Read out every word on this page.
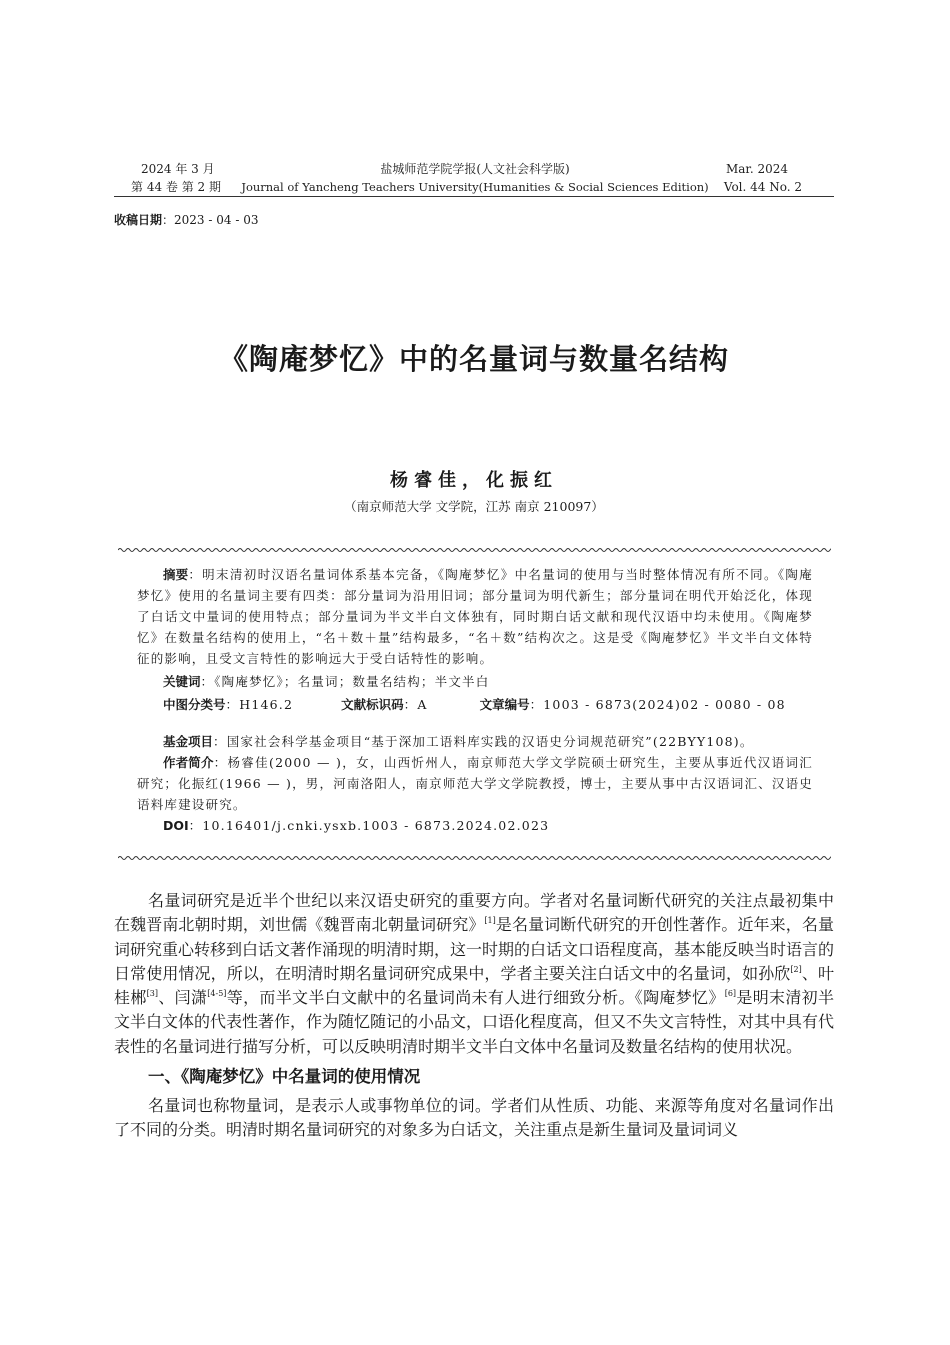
2024 年 3 月
第 44 卷 第 2 期
盐城师范学院学报(人文社会科学版)
Journal of Yancheng Teachers University(Humanities & Social Sciences Edition)
Mar. 2024
Vol. 44 No. 2
收稿日期：2023 - 04 - 03
《陶庵梦忆》中的名量词与数量名结构
杨睿佳，化振红
（南京师范大学 文学院，江苏 南京 210097）

摘要：明末清初时汉语名量词体系基本完备，《陶庵梦忆》中名量词的使用与当时整体情况有所不同。《陶庵梦忆》使用的名量词主要有四类：部分量词为沿用旧词；部分量词为明代新生；部分量词在明代开始泛化，体现了白话文中量词的使用特点；部分量词为半文半白文体独有，同时期白话文献和现代汉语中均未使用。《陶庵梦忆》在数量名结构的使用上，“名＋数＋量”结构最多，“名＋数”结构次之。这是受《陶庵梦忆》半文半白文体特征的影响，且受文言特性的影响远大于受白话特性的影响。

关键词：《陶庵梦忆》；名量词；数量名结构；半文半白

中图分类号：H146.2	文献标识码：A	文章编号：1003 - 6873(2024)02 - 0080 - 08

基金项目：国家社会科学基金项目“基于深加工语料库实践的汉语史分词规范研究”(22BYY108)。

作者简介：杨睿佳(2000 — )，女，山西忻州人，南京师范大学文学院硕士研究生，主要从事近代汉语词汇研究；化振红(1966 — )，男，河南洛阳人，南京师范大学文学院教授，博士，主要从事中古汉语词汇、汉语史语料库建设研究。

DOI：10.16401/j.cnki.ysxb.1003 - 6873.2024.02.023

名量词研究是近半个世纪以来汉语史研究的重要方向。学者对名量词断代研究的关注点最初集中在魏晋南北朝时期，刘世儒《魏晋南北朝量词研究》[1]是名量词断代研究的开创性著作。近年来，名量词研究重心转移到白话文著作涌现的明清时期，这一时期的白话文口语程度高，基本能反映当时语言的日常使用情况，所以，在明清时期名量词研究成果中，学者主要关注白话文中的名量词，如孙欣[2]、叶桂郴[3]、闫潇[4-5]等，而半文半白文献中的名量词尚未有人进行细致分析。《陶庵梦忆》[6]是明末清初半文半白文体的代表性著作，作为随忆随记的小品文，口语化程度高，但又不失文言特性，对其中具有代表性的名量词进行描写分析，可以反映明清时期半文半白文体中名量词及数量名结构的使用状况。

一、《陶庵梦忆》中名量词的使用情况

名量词也称物量词，是表示人或事物单位的词。学者们从性质、功能、来源等角度对名量词作出了不同的分类。明清时期名量词研究的对象多为白话文，关注重点是新生量词及量词词义
